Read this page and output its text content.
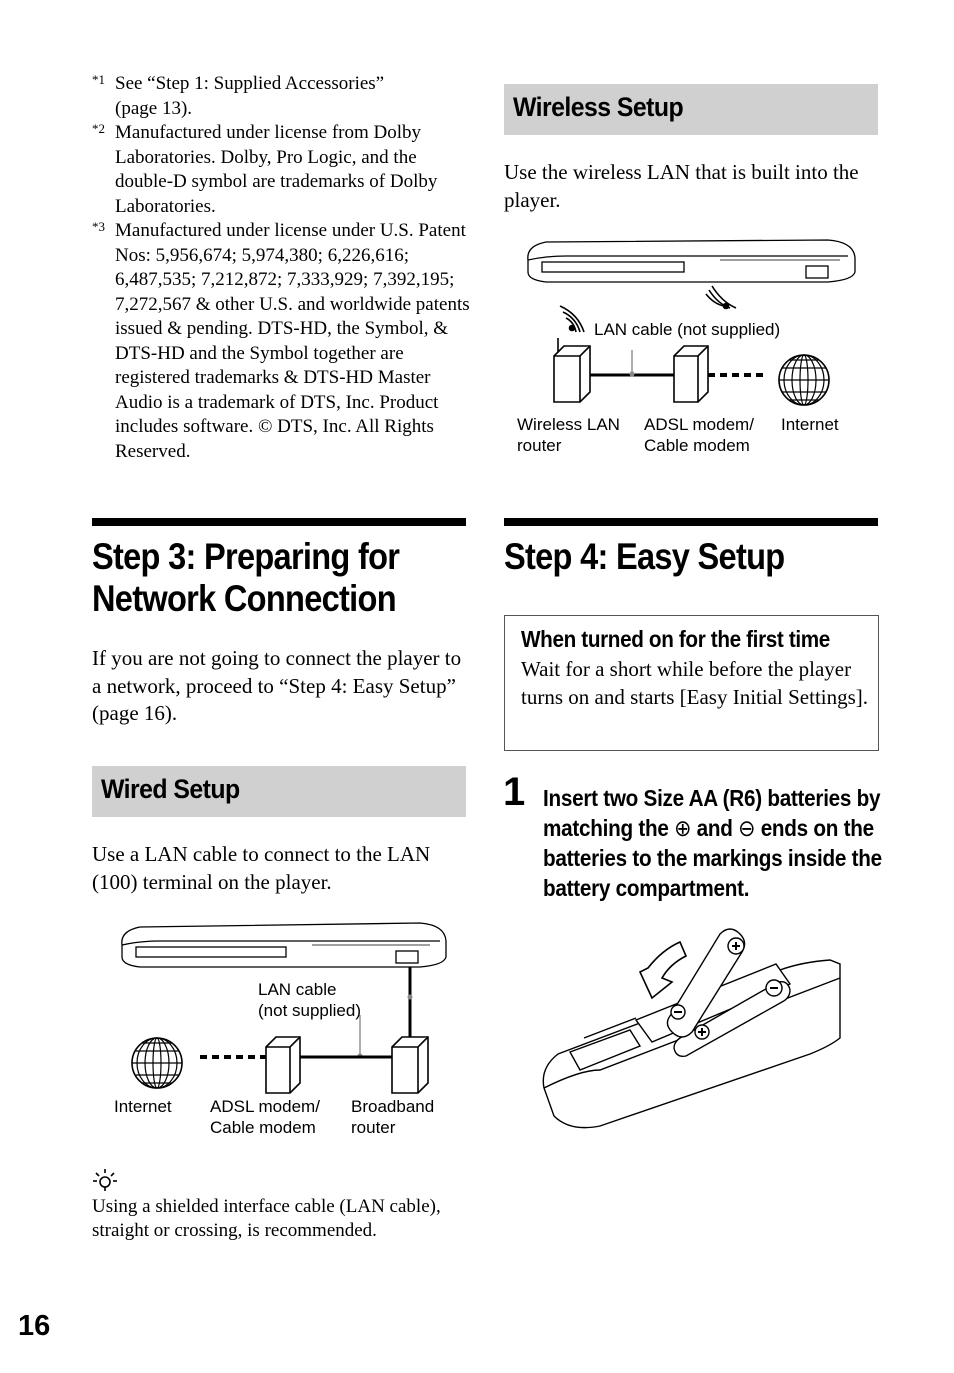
*1 See “Step 1: Supplied Accessories” (page 13).
*2 Manufactured under license from Dolby Laboratories. Dolby, Pro Logic, and the double-D symbol are trademarks of Dolby Laboratories.
*3 Manufactured under license under U.S. Patent Nos: 5,956,674; 5,974,380; 6,226,616; 6,487,535; 7,212,872; 7,333,929; 7,392,195; 7,272,567 & other U.S. and worldwide patents issued & pending. DTS-HD, the Symbol, & DTS-HD and the Symbol together are registered trademarks & DTS-HD Master Audio is a trademark of DTS, Inc. Product includes software. © DTS, Inc. All Rights Reserved.
Step 3: Preparing for
Network Connection
If you are not going to connect the player to a network, proceed to “Step 4: Easy Setup” (page 16).
Wired Setup
Use a LAN cable to connect to the LAN (100) terminal on the player.
LAN cable
(not supplied)
Internet ADSL modem/
Cable modem
Broadband
router
Using a shielded interface cable (LAN cable), straight or crossing, is recommended.
16
Wireless Setup
Use the wireless LAN that is built into the player.
LAN cable (not supplied)
Wireless LAN
router
ADSL modem/
Cable modem
Internet
Step 4: Easy Setup
When turned on for the first time
Wait for a short while before the player turns on and starts [Easy Initial Settings].
1 Insert two Size AA (R6) batteries by matching the ⊕ and ⊖ ends on the batteries to the markings inside the battery compartment.
